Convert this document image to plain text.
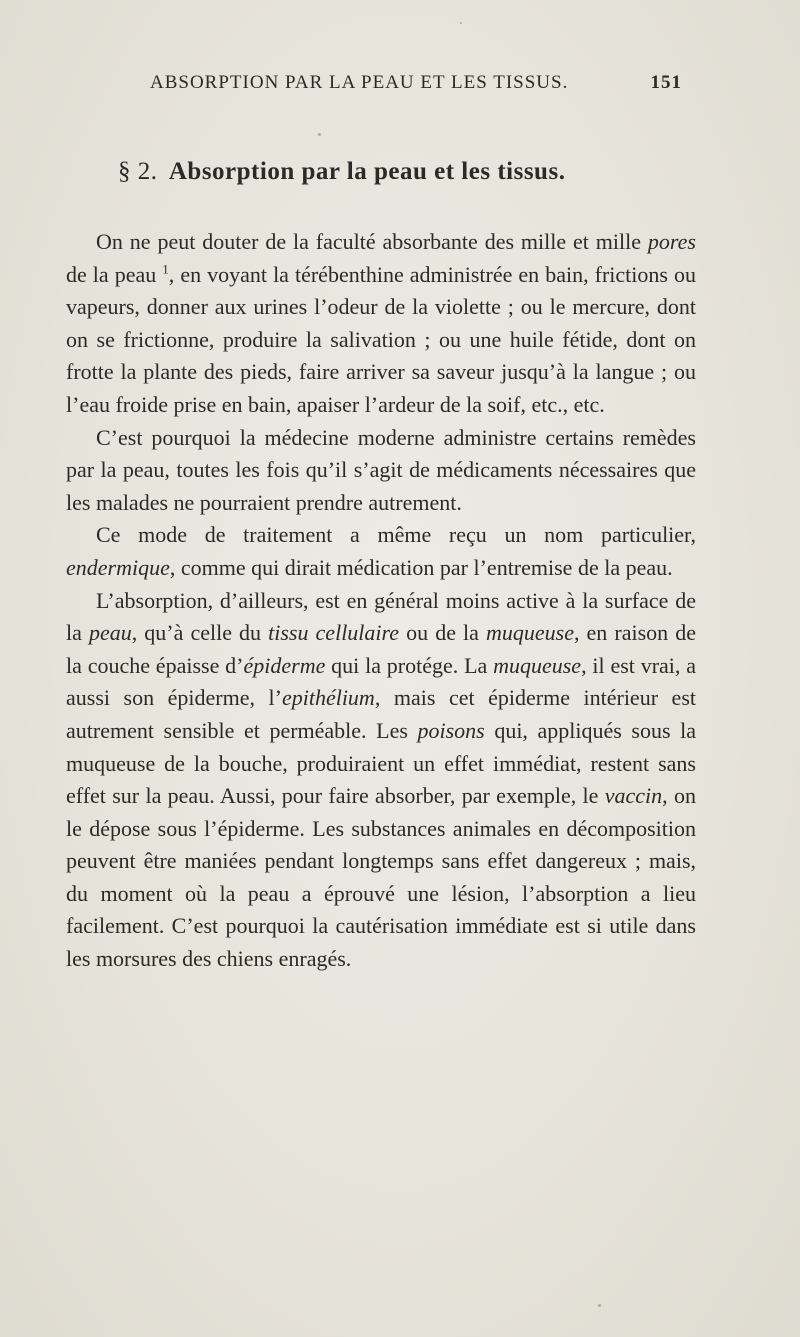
ABSORPTION PAR LA PEAU ET LES TISSUS.	151
§ 2. Absorption par la peau et les tissus.

On ne peut douter de la faculté absorbante des mille et mille pores de la peau $^1$, en voyant la térébenthine administrée en bain, frictions ou vapeurs, donner aux urines l’odeur de la violette ; ou le mercure, dont on se frictionne, produire la salivation ; ou une huile fétide, dont on frotte la plante des pieds, faire arriver sa saveur jusqu’à la langue ; ou l’eau froide prise en bain, apaiser l’ardeur de la soif, etc., etc.

C’est pourquoi la médecine moderne administre certains remèdes par la peau, toutes les fois qu’il s’agit de médicaments nécessaires que les malades ne pourraient prendre autrement.

Ce mode de traitement a même reçu un nom particulier, endermique, comme qui dirait médication par l’entremise de la peau.

L’absorption, d’ailleurs, est en général moins active à la surface de la peau, qu’à celle du tissu cellulaire ou de la muqueuse, en raison de la couche épaisse d’épiderme qui la protége. La muqueuse, il est vrai, a aussi son épiderme, l’epithélium, mais cet épiderme intérieur est autrement sensible et perméable. Les poisons qui, appliqués sous la muqueuse de la bouche, produiraient un effet immédiat, restent sans effet sur la peau. Aussi, pour faire absorber, par exemple, le vaccin, on le dépose sous l’épiderme. Les substances animales en décomposition peuvent être maniées pendant longtemps sans effet dangereux ; mais, du moment où la peau a éprouvé une lésion, l’absorption a lieu facilement. C’est pourquoi la cautérisation immédiate est si utile dans les morsures des chiens enragés.
